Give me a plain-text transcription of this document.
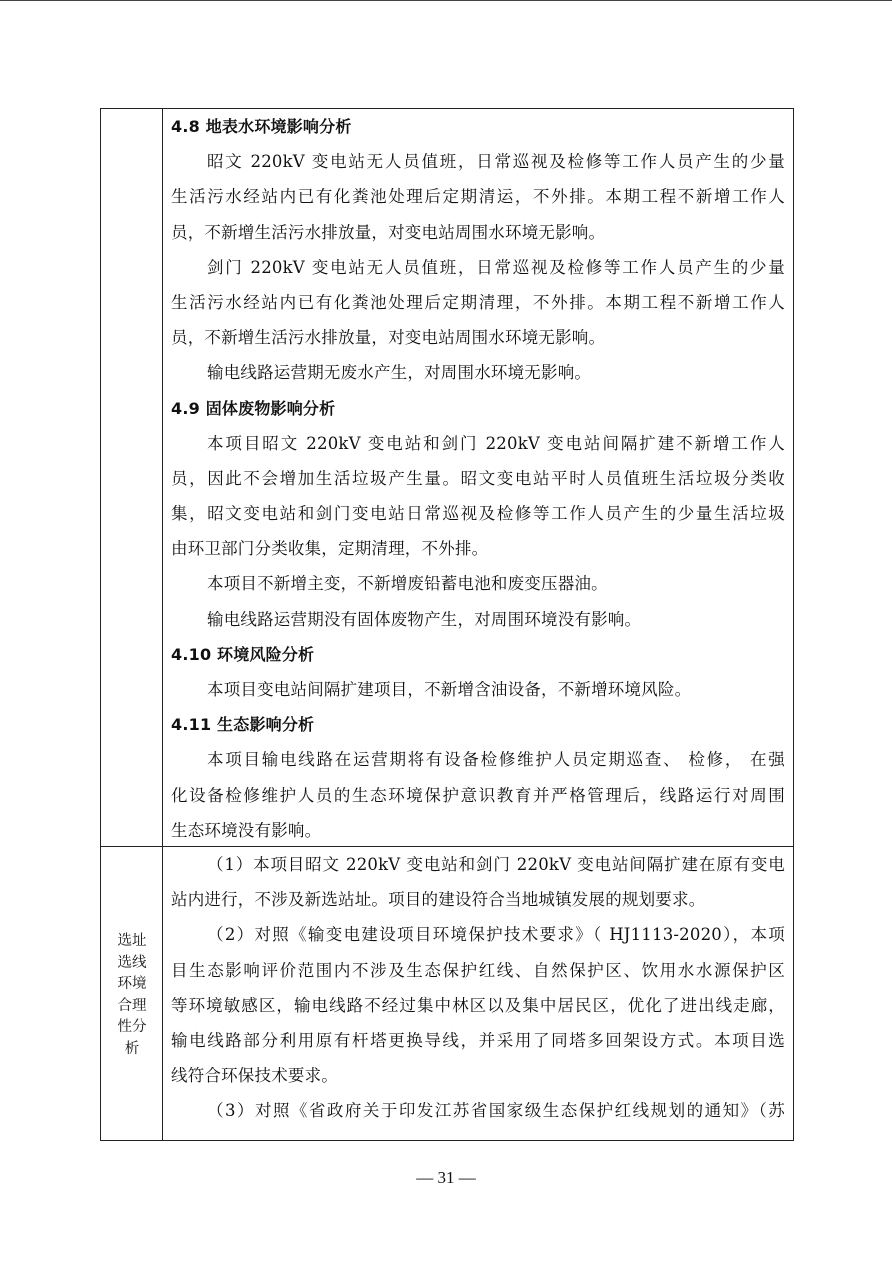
4.8 地表水环境影响分析
昭文 220kV 变电站无人员值班，日常巡视及检修等工作人员产生的少量
生活污水经站内已有化粪池处理后定期清运，不外排。本期工程不新增工作人
员，不新增生活污水排放量，对变电站周围水环境无影响。
剑门 220kV 变电站无人员值班，日常巡视及检修等工作人员产生的少量
生活污水经站内已有化粪池处理后定期清理，不外排。本期工程不新增工作人
员，不新增生活污水排放量，对变电站周围水环境无影响。
输电线路运营期无废水产生，对周围水环境无影响。
4.9 固体废物影响分析
本项目昭文 220kV 变电站和剑门 220kV 变电站间隔扩建不新增工作人
员，因此不会增加生活垃圾产生量。昭文变电站平时人员值班生活垃圾分类收
集，昭文变电站和剑门变电站日常巡视及检修等工作人员产生的少量生活垃圾
由环卫部门分类收集，定期清理，不外排。
本项目不新增主变，不新增废铅蓄电池和废变压器油。
输电线路运营期没有固体废物产生，对周围环境没有影响。
4.10 环境风险分析
本项目变电站间隔扩建项目，不新增含油设备，不新增环境风险。
4.11 生态影响分析
本项目输电线路在运营期将有设备检修维护人员定期巡查、 检修， 在强
化设备检修维护人员的生态环境保护意识教育并严格管理后，线路运行对周围
生态环境没有影响。
选址
选线
环境
合理
性分
析
（1）本项目昭文 220kV 变电站和剑门 220kV 变电站间隔扩建在原有变电
站内进行，不涉及新选站址。项目的建设符合当地城镇发展的规划要求。
（2）对照《输变电建设项目环境保护技术要求》（ HJ1113-2020），本项
目生态影响评价范围内不涉及生态保护红线、自然保护区、饮用水水源保护区
等环境敏感区，输电线路不经过集中林区以及集中居民区，优化了进出线走廊，
输电线路部分利用原有杆塔更换导线，并采用了同塔多回架设方式。本项目选
线符合环保技术要求。
（3）对照《省政府关于印发江苏省国家级生态保护红线规划的通知》（苏
— 31 —
